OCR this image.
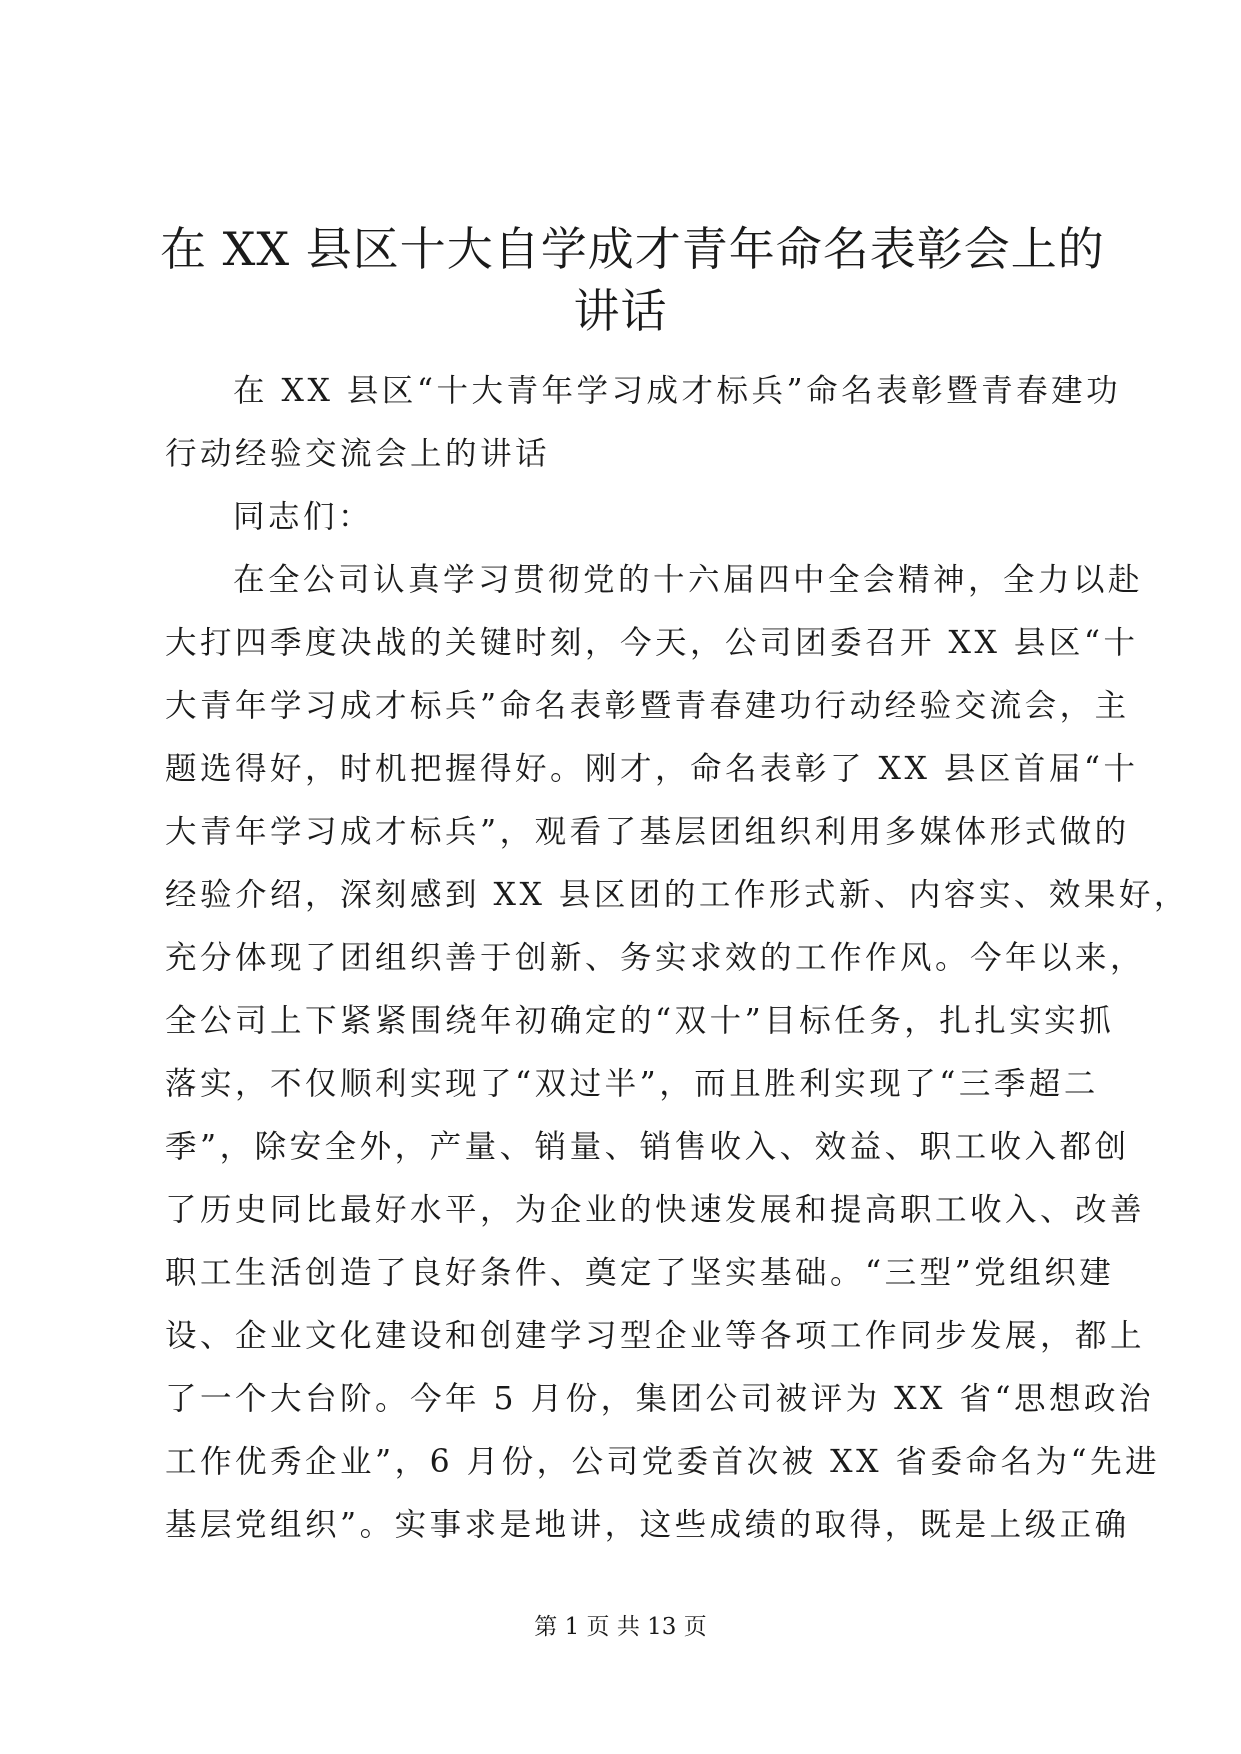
在 XX 县区十大自学成才青年命名表彰会上的
讲话
在 XX 县区“十大青年学习成才标兵”命名表彰暨青春建功
行动经验交流会上的讲话
同志们：
在全公司认真学习贯彻党的十六届四中全会精神，全力以赴
大打四季度决战的关键时刻，今天，公司团委召开 XX 县区“十
大青年学习成才标兵”命名表彰暨青春建功行动经验交流会，主
题选得好，时机把握得好。刚才，命名表彰了 XX 县区首届“十
大青年学习成才标兵”，观看了基层团组织利用多媒体形式做的
经验介绍，深刻感到 XX 县区团的工作形式新、内容实、效果好，
充分体现了团组织善于创新、务实求效的工作作风。今年以来，
全公司上下紧紧围绕年初确定的“双十”目标任务，扎扎实实抓
落实，不仅顺利实现了“双过半”，而且胜利实现了“三季超二
季”，除安全外，产量、销量、销售收入、效益、职工收入都创
了历史同比最好水平，为企业的快速发展和提高职工收入、改善
职工生活创造了良好条件、奠定了坚实基础。“三型”党组织建
设、企业文化建设和创建学习型企业等各项工作同步发展，都上
了一个大台阶。今年 5 月份，集团公司被评为 XX 省“思想政治
工作优秀企业”，6 月份，公司党委首次被 XX 省委命名为“先进
基层党组织”。实事求是地讲，这些成绩的取得，既是上级正确
第 1 页 共 13 页
